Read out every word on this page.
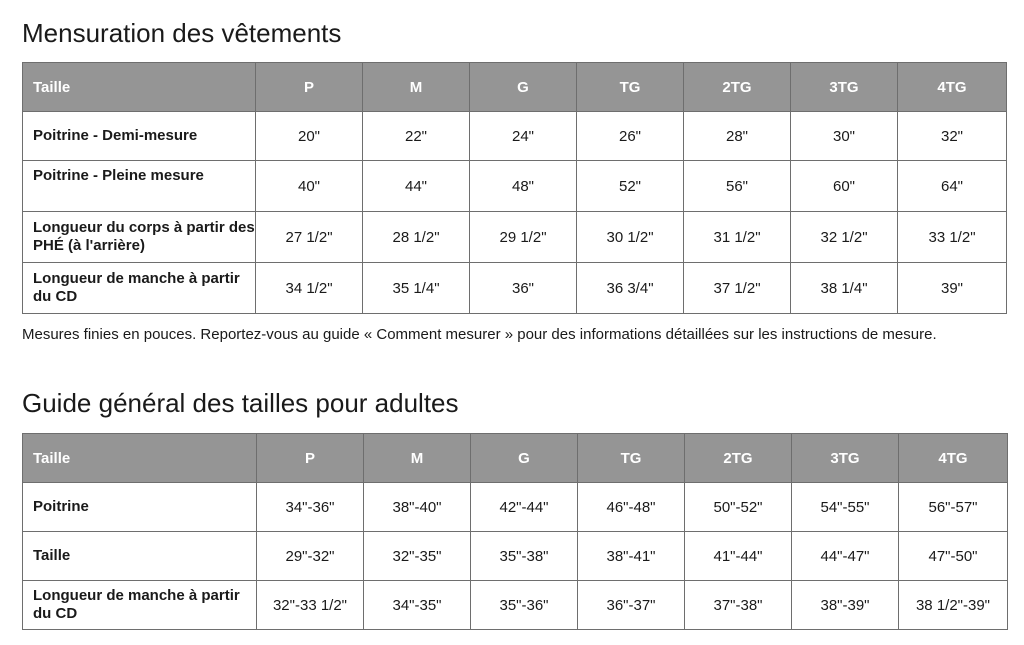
Mensuration des vêtements
Taille	P	M	G	TG	2TG	3TG	4TG
Poitrine - Demi-mesure	20"	22"	24"	26"	28"	30"	32"
Poitrine - Pleine mesure	40"	44"	48"	52"	56"	60"	64"
Longueur du corps à partir des PHÉ (à l'arrière)	27 1/2"	28 1/2"	29 1/2"	30 1/2"	31 1/2"	32 1/2"	33 1/2"
Longueur de manche à partir du CD	34 1/2"	35 1/4"	36"	36 3/4"	37 1/2"	38 1/4"	39"

Mesures finies en pouces. Reportez-vous au guide « Comment mesurer » pour des informations détaillées sur les instructions de mesure.

Guide général des tailles pour adultes
Taille	P	M	G	TG	2TG	3TG	4TG
Poitrine	34"-36"	38"-40"	42"-44"	46"-48"	50"-52"	54"-55"	56"-57"
Taille	29"-32"	32"-35"	35"-38"	38"-41"	41"-44"	44"-47"	47"-50"
Longueur de manche à partir du CD	32"-33 1/2"	34"-35"	35"-36"	36"-37"	37"-38"	38"-39"	38 1/2"-39"
